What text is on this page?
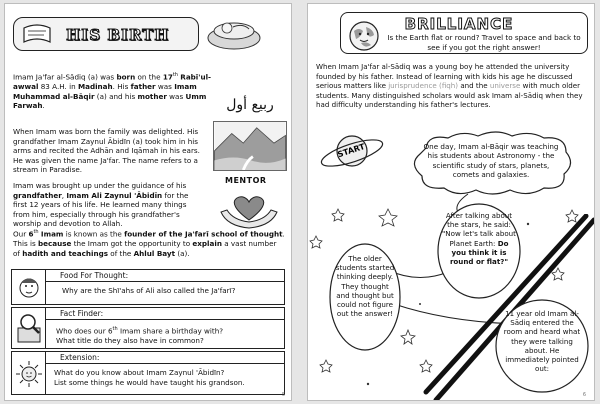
HIS BIRTH
Imam Ja'far al-Sādiq (a) was born on the 17th Rabī'ul-awwal 83 A.H. in Madinah. His father was Imam Muhammad al-Bāqir (a) and his mother was Umm Farwah.	ربيع أول
When Imam was born the family was delighted. His grandfather Imam Zaynul Ābidīn (a) took him in his arms and recited the Adhān and Iqāmah in his ears. He was given the name Ja'far. The name refers to a stream in Paradise.
Imam was brought up under the guidance of his grandfather, Imam Ali Zaynul 'Ābidīn for the first 12 years of his life. He learned many things from him, especially through his grandfather's worship and devotion to Allah.
MENTOR
Our 6th Imam is known as the founder of the Ja'farī school of thought. This is because the Imam got the opportunity to explain a vast number of hadith and teachings of the Ahlul Bayt (a).
Food For Thought:
Why are the Shī'ahs of Ali also called the Ja'farī?
Fact Finder:
Who does our 6th Imam share a birthday with?
What title do they also have in common?
Extension:
What do you know about Imam Zaynul 'Ābidīn?
List some things he would have taught his grandson.
5
BRILLIANCE
Is the Earth flat or round? Travel to space and back to see if you got the right answer!
When Imam Ja'far al-Sādiq was a young boy he attended the university founded by his father. Instead of learning with kids his age he discussed serious matters like jurisprudence (fiqh) and the universe with much older students. Many distinguished scholars would ask Imam al-Sādiq when they had difficulty understanding his father's lectures.
START	One day, Imam al-Bāqir was teaching his students about Astronomy - the scientific study of stars, planets, comets and galaxies.
After talking about the stars, he said: "Now let's talk about Planet Earth: Do you think it is round or flat?"
The older students started thinking deeply. They thought and thought but could not figure out the answer!	11 year old Imam al-Sādiq entered the room and heard what they were talking about. He immediately pointed out:
6
